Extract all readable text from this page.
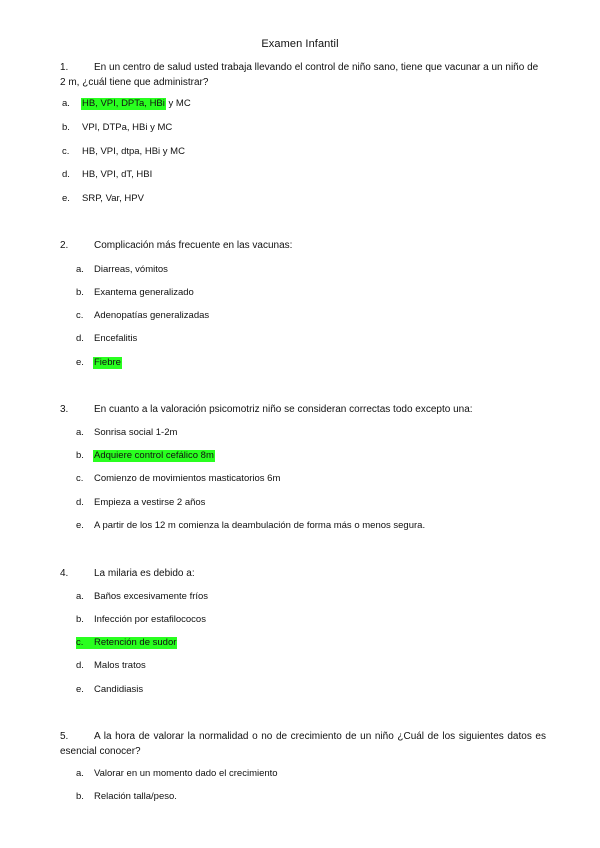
Examen Infantil
1.	En un centro de salud usted trabaja llevando el control de niño sano, tiene que vacunar a un niño de 2 m, ¿cuál tiene que administrar?
a. HB, VPI, DPTa, HBi y MC
b. VPI, DTPa, HBi y MC
c. HB, VPI, dtpa, HBi y MC
d. HB, VPI, dT, HBI
e. SRP, Var, HPV
2.	Complicación más frecuente en las vacunas:
a. Diarreas, vómitos
b. Exantema generalizado
c. Adenopatías generalizadas
d. Encefalitis
e. Fiebre
3.	En cuanto a la valoración psicomotriz niño se consideran correctas todo excepto una:
a. Sonrisa social 1-2m
b. Adquiere control cefálico 8m
c. Comienzo de movimientos masticatorios 6m
d. Empieza a vestirse 2 años
e. A partir de los 12 m comienza la deambulación de forma más o menos segura.
4.	La milaria es debido a:
a. Baños excesivamente fríos
b. Infección por estafilococos
c. Retención de sudor
d. Malos tratos
e. Candidiasis
5.	A la hora de valorar la normalidad o no de crecimiento de un niño ¿Cuál de los siguientes datos es esencial conocer?
a. Valorar en un momento dado el crecimiento
b. Relación talla/peso.
